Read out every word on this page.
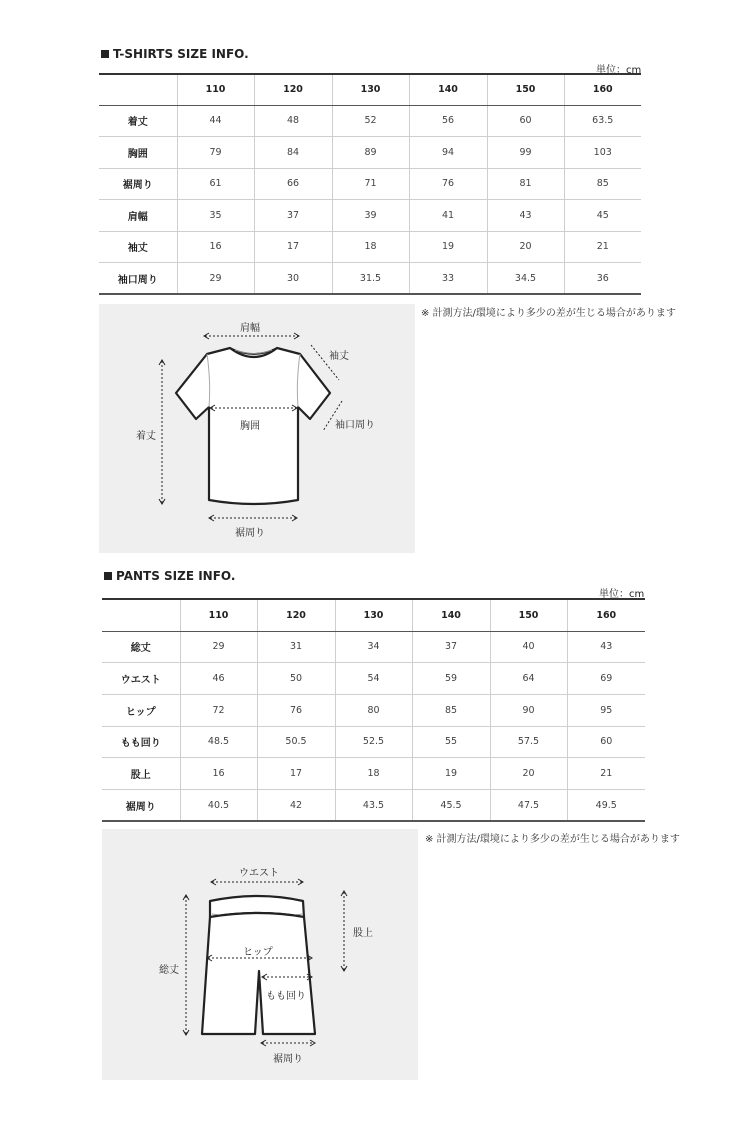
T-SHIRTS SIZE INFO.
単位：cm
	110	120	130	140	150	160
着丈	44	48	52	56	60	63.5
胸囲	79	84	89	94	99	103
裾周り	61	66	71	76	81	85
肩幅	35	37	39	41	43	45
袖丈	16	17	18	19	20	21
袖口周り	29	30	31.5	33	34.5	36
肩幅
袖丈
袖口周り
着丈
胸囲
裾周り
※ 計測方法/環境により多少の差が生じる場合があります
PANTS SIZE INFO.
単位：cm
	110	120	130	140	150	160
総丈	29	31	34	37	40	43
ウエスト	46	50	54	59	64	69
ヒップ	72	76	80	85	90	95
もも回り	48.5	50.5	52.5	55	57.5	60
股上	16	17	18	19	20	21
裾周り	40.5	42	43.5	45.5	47.5	49.5
ウエスト
股上
ヒップ
総丈
もも回り
裾周り
※ 計測方法/環境により多少の差が生じる場合があります
